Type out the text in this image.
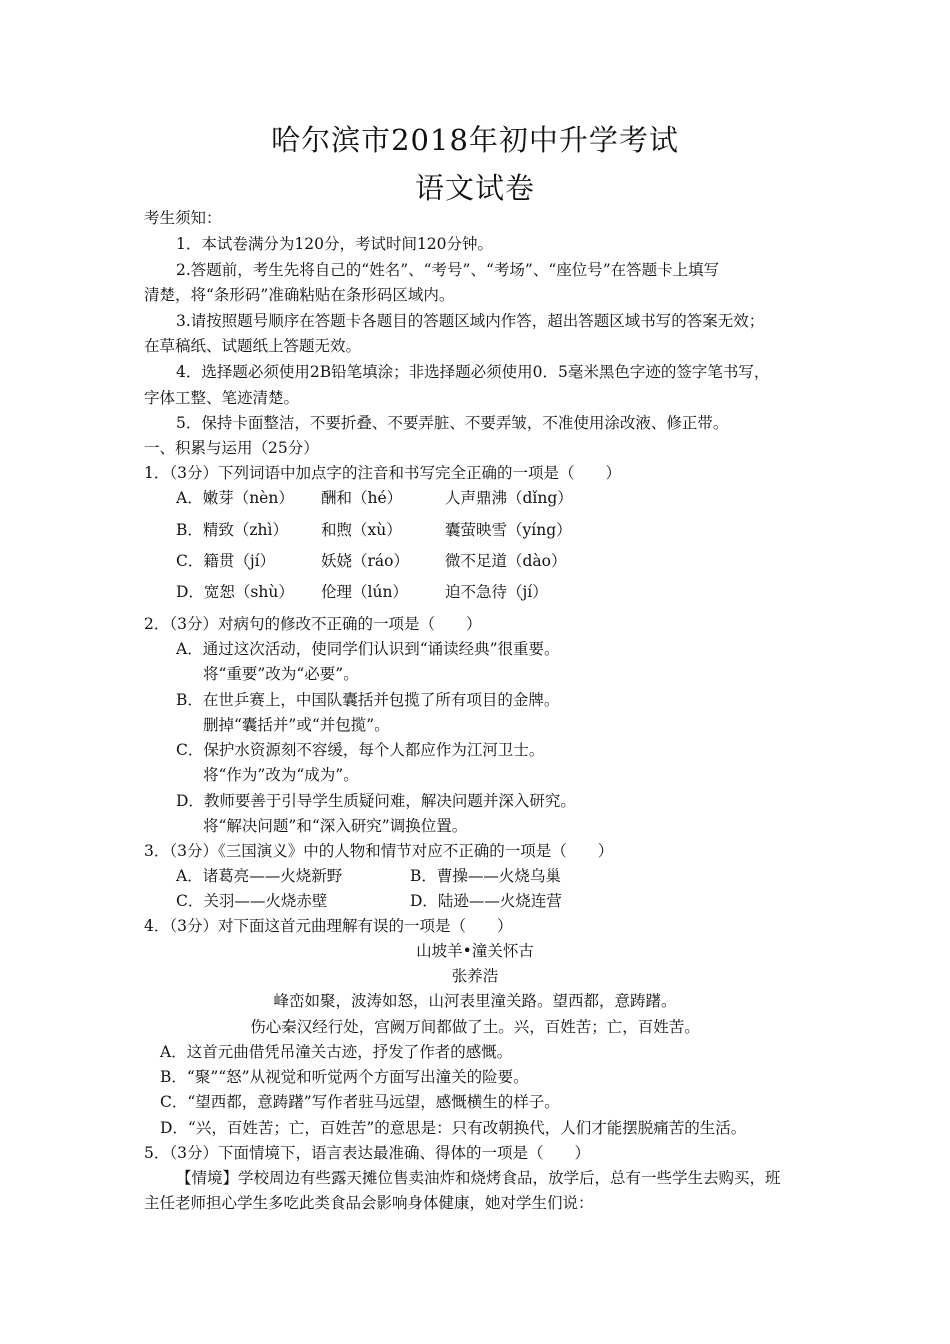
哈尔滨市2018年初中升学考试
语文试卷
考生须知：
1．本试卷满分为120分，考试时间120分钟。
2.答题前，考生先将自己的“姓名”、“考号”、“考场”、“座位号”在答题卡上填写
清楚，将“条形码”准确粘贴在条形码区域内。
3.请按照题号顺序在答题卡各题目的答题区域内作答，超出答题区域书写的答案无效；
在草稿纸、试题纸上答题无效。
4．选择题必须使用2B铅笔填涂；非选择题必须使用0．5毫米黑色字迹的签字笔书写，
字体工整、笔迹清楚。
5．保持卡面整洁，不要折叠、不要弄脏、不要弄皱，不准使用涂改液、修正带。
一、积累与运用（25分）
1．（3分）下列词语中加点字的注音和书写完全正确的一项是（　　）
A．嫩芽（nèn） 酬和（hé）	人声鼎沸（dǐng）
B．精致（zhì） 和煦（xù）	囊萤映雪（yíng）
C．籍贯（jí）	妖娆（ráo） 微不足道（dào）
D．宽恕（shù） 伦理（lún） 迫不急待（jí）
2．（3分）对病句的修改不正确的一项是（　　）
A．通过这次活动，使同学们认识到“诵读经典”很重要。
将“重要”改为“必要”。
B．在世乒赛上，中国队囊括并包揽了所有项目的金牌。
删掉“囊括并”或“并包揽”。
C．保护水资源刻不容缓，每个人都应作为江河卫士。
将“作为”改为“成为”。
D．教师要善于引导学生质疑问难，解决问题并深入研究。
将“解决问题”和“深入研究”调换位置。
3．（3分）《三国演义》中的人物和情节对应不正确的一项是（　　）
A．诸葛亮——火烧新野	B．曹操——火烧乌巢
C．关羽——火烧赤壁	D．陆逊——火烧连营
4．（3分）对下面这首元曲理解有误的一项是（　　）
山坡羊•潼关怀古
张养浩
峰峦如聚，波涛如怒，山河表里潼关路。望西都，意踌躇。
伤心秦汉经行处，宫阙万间都做了土。兴，百姓苦；亡，百姓苦。
A．这首元曲借凭吊潼关古迹，抒发了作者的感慨。
B．“聚”“怒”从视觉和听觉两个方面写出潼关的险要。
C．“望西都，意踌躇”写作者驻马远望，感慨横生的样子。
D．“兴，百姓苦；亡，百姓苦”的意思是：只有改朝换代，人们才能摆脱痛苦的生活。
5．（3分）下面情境下，语言表达最准确、得体的一项是（　　）
【情境】学校周边有些露天摊位售卖油炸和烧烤食品，放学后，总有一些学生去购买，班
主任老师担心学生多吃此类食品会影响身体健康，她对学生们说：
